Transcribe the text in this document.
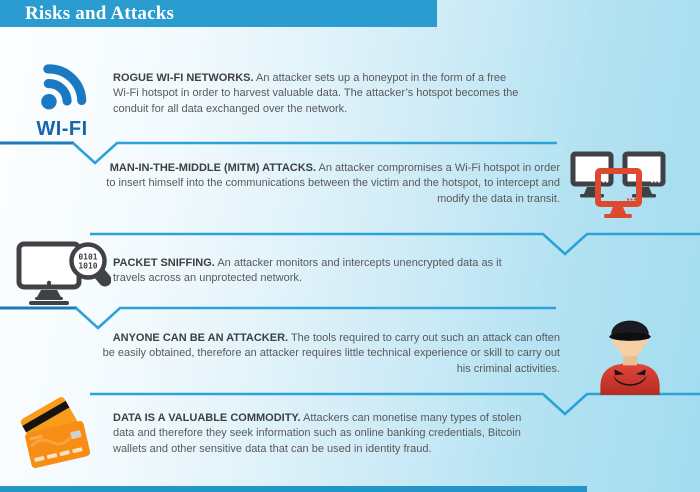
Risks and Attacks
WI-FI

ROGUE WI-FI NETWORKS. An attacker sets up a honeypot in the form of a free Wi-Fi hotspot in order to harvest valuable data. The attacker’s hotspot becomes the conduit for all data exchanged over the network.

MAN-IN-THE-MIDDLE (MITM) ATTACKS. An attacker compromises a Wi-Fi hotspot in order to insert himself into the communications between the victim and the hotspot, to intercept and modify the data in transit.

0101
1010 PACKET SNIFFING. An attacker monitors and intercepts unencrypted data as it travels across an unprotected network.

ANYONE CAN BE AN ATTACKER. The tools required to carry out such an attack can often be easily obtained, therefore an attacker requires little technical experience or skill to carry out his criminal activities.

DATA IS A VALUABLE COMMODITY. Attackers can monetise many types of stolen data and therefore they seek information such as online banking credentials, Bitcoin wallets and other sensitive data that can be used in identity fraud.
